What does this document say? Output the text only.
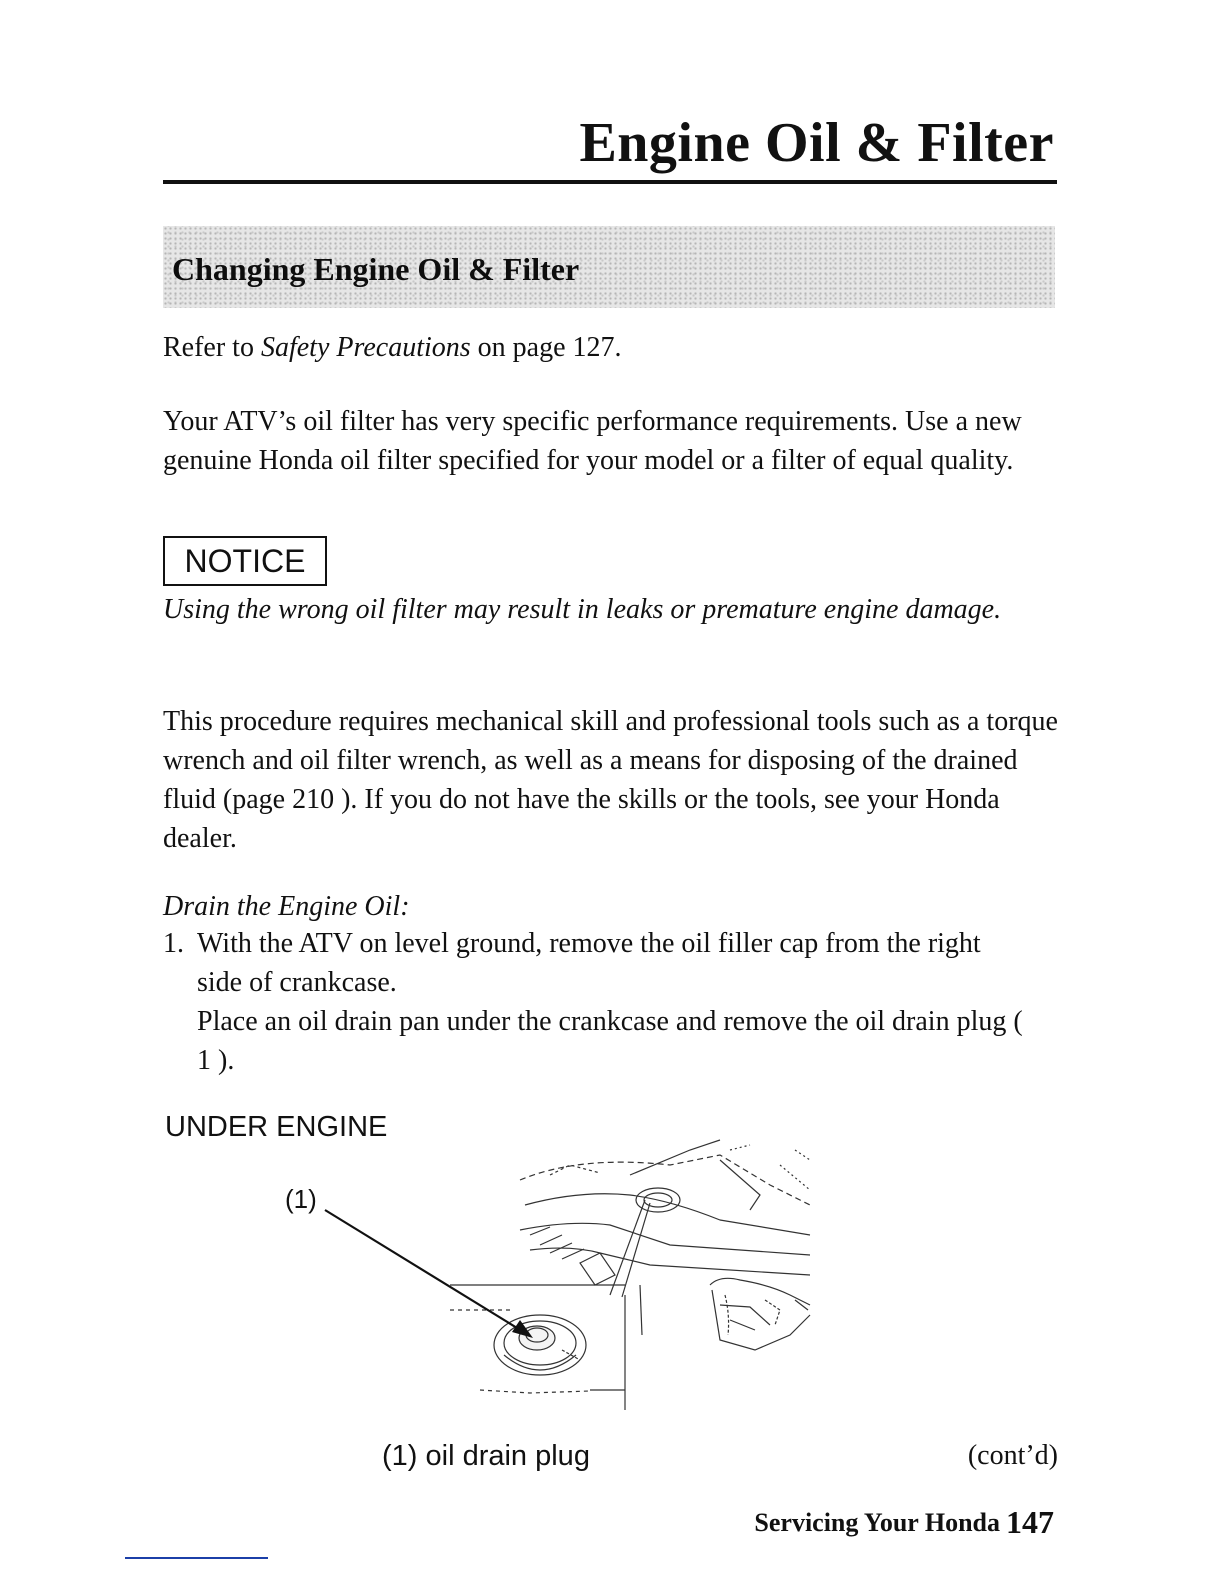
Engine Oil & Filter
Changing Engine Oil & Filter
Refer to Safety Precautions on page 127.
Your ATV’s oil filter has very specific performance requirements. Use a new genuine Honda oil filter specified for your model or a filter of equal quality.
NOTICE
Using the wrong oil filter may result in leaks or premature engine damage.
This procedure requires mechanical skill and professional tools such as a torque wrench and oil filter wrench, as well as a means for disposing of the drained fluid (page 210 ). If you do not have the skills or the tools, see your Honda dealer.
Drain the Engine Oil:
1. With the ATV on level ground, remove the oil filler cap from the right side of crankcase.
Place an oil drain pan under the crankcase and remove the oil drain plug ( 1 ).
UNDER ENGINE
(1)
(1) oil drain plug	(cont’d)
Servicing Your Honda 147
